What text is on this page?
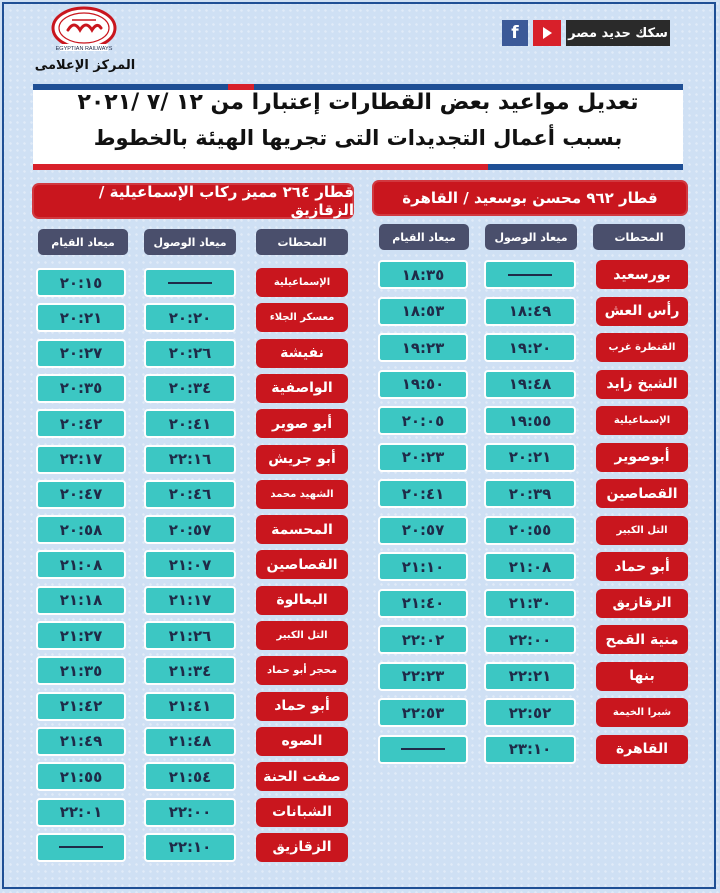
EGYPTIAN RAILWAYS
المركز الإعلامى
f	سكك حديد مصر
تعديل مواعيد بعض القطارات إعتبارا من ١٢ /٧ /٢٠٢١
بسبب أعمال التجديدات التى تجريها الهيئة بالخطوط
قطار ٩٦٢ محسن بوسعيد / القاهرة
قطار ٢٦٤ مميز ركاب الإسماعيلية / الزقازيق
المحطات
ميعاد الوصول
ميعاد القيام
المحطات
ميعاد الوصول
ميعاد القيام
بورسعيد
١٨:٣٥
رأس العش
١٨:٤٩
١٨:٥٣
القنطرة غرب
١٩:٢٠
١٩:٢٣
الشيخ زايد
١٩:٤٨
١٩:٥٠
الإسماعيلية
١٩:٥٥
٢٠:٠٥
أبوصوير
٢٠:٢١
٢٠:٢٣
القصاصين
٢٠:٣٩
٢٠:٤١
التل الكبير
٢٠:٥٥
٢٠:٥٧
أبو حماد
٢١:٠٨
٢١:١٠
الزقازيق
٢١:٣٠
٢١:٤٠
منية القمح
٢٢:٠٠
٢٢:٠٢
بنها
٢٢:٢١
٢٢:٢٣
شبرا الخيمة
٢٢:٥٢
٢٢:٥٣
القاهرة
٢٣:١٠
الإسماعيلية
٢٠:١٥
معسكر الجلاء
٢٠:٢٠
٢٠:٢١
نفيشة
٢٠:٢٦
٢٠:٢٧
الواصفية
٢٠:٣٤
٢٠:٣٥
أبو صوير
٢٠:٤١
٢٠:٤٢
أبو جريش
٢٢:١٦
٢٢:١٧
الشهيد محمد
٢٠:٤٦
٢٠:٤٧
المحسمة
٢٠:٥٧
٢٠:٥٨
القصاصين
٢١:٠٧
٢١:٠٨
البعالوة
٢١:١٧
٢١:١٨
التل الكبير
٢١:٢٦
٢١:٢٧
محجر أبو حماد
٢١:٣٤
٢١:٣٥
أبو حماد
٢١:٤١
٢١:٤٢
الصوه
٢١:٤٨
٢١:٤٩
صفت الحنة
٢١:٥٤
٢١:٥٥
الشبانات
٢٢:٠٠
٢٢:٠١
الزقازيق
٢٢:١٠
